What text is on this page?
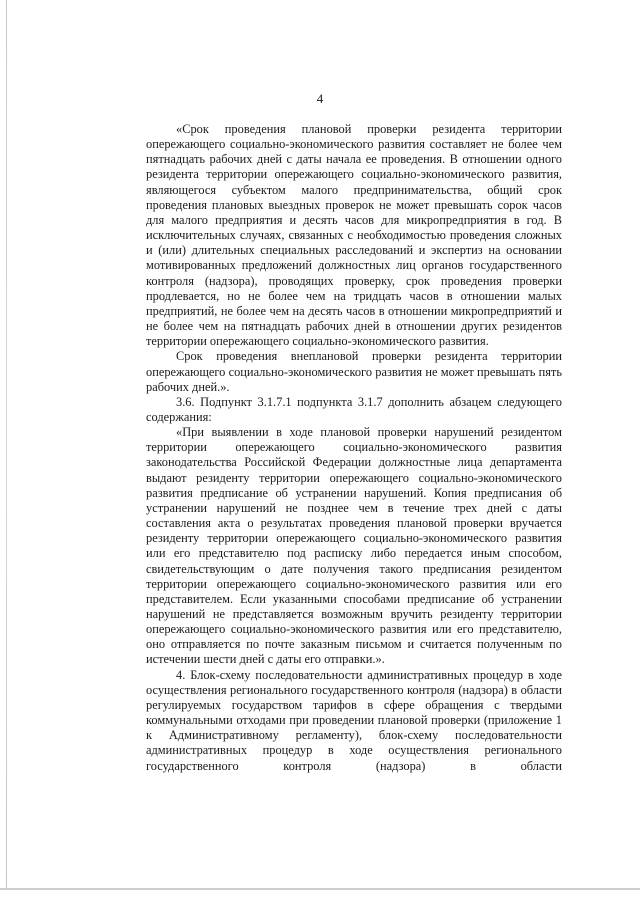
4

«Срок проведения плановой проверки резидента территории опережающего социально-экономического развития составляет не более чем пятнадцать рабочих дней с даты начала ее проведения. В отношении одного резидента территории опережающего социально-экономического развития, являющегося субъектом малого предпринимательства, общий срок проведения плановых выездных проверок не может превышать сорок часов для малого предприятия и десять часов для микропредприятия в год. В исключительных случаях, связанных с необходимостью проведения сложных и (или) длительных специальных расследований и экспертиз на основании мотивированных предложений должностных лиц органов государственного контроля (надзора), проводящих проверку, срок проведения проверки продлевается, но не более чем на тридцать часов в отношении малых предприятий, не более чем на десять часов в отношении микропредприятий и не более чем на пятнадцать рабочих дней в отношении других резидентов территории опережающего социально-экономического развития.

Срок проведения внеплановой проверки резидента территории опережающего социально-экономического развития не может превышать пять рабочих дней.».

3.6. Подпункт 3.1.7.1 подпункта 3.1.7 дополнить абзацем следующего содержания:

«При выявлении в ходе плановой проверки нарушений резидентом территории опережающего социально-экономического развития законодательства Российской Федерации должностные лица департамента выдают резиденту территории опережающего социально-экономического развития предписание об устранении нарушений. Копия предписания об устранении нарушений не позднее чем в течение трех дней с даты составления акта о результатах проведения плановой проверки вручается резиденту территории опережающего социально-экономического развития или его представителю под расписку либо передается иным способом, свидетельствующим о дате получения такого предписания резидентом территории опережающего социально-экономического развития или его представителем. Если указанными способами предписание об устранении нарушений не представляется возможным вручить резиденту территории опережающего социально-экономического развития или его представителю, оно отправляется по почте заказным письмом и считается полученным по истечении шести дней с даты его отправки.».

4. Блок-схему последовательности административных процедур в ходе осуществления регионального государственного контроля (надзора) в области регулируемых государством тарифов в сфере обращения с твердыми коммунальными отходами при проведении плановой проверки (приложение 1 к Административному регламенту), блок-схему последовательности административных процедур в ходе осуществления регионального государственного контроля (надзора) в области
